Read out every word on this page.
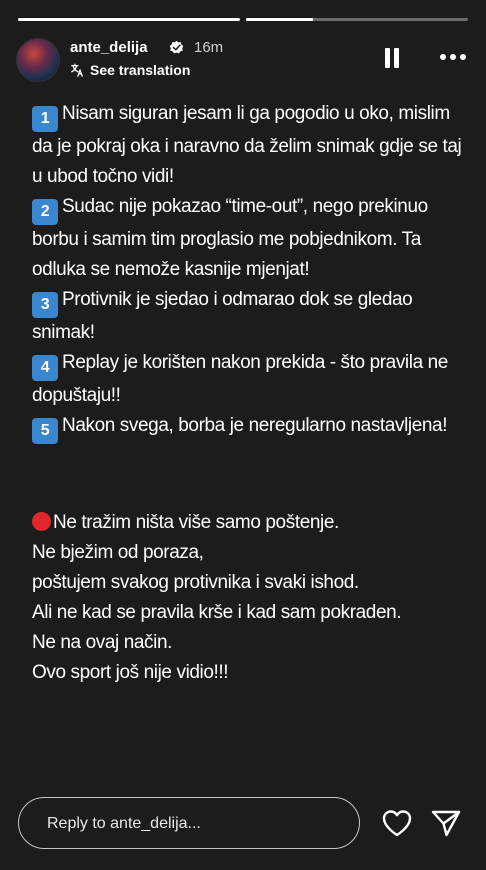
ante_delija	16m
See translation

1 Nisam siguran jesam li ga pogodio u oko, mislim da je pokraj oka i naravno da želim snimak gdje se taj u ubod točno vidi!

2 Sudac nije pokazao “time-out”, nego prekinuo borbu i samim tim proglasio me pobjednikom. Ta odluka se nemože kasnije mjenjat!

3 Protivnik je sjedao i odmarao dok se gledao snimak!

4 Replay je korišten nakon prekida - što pravila ne dopuštaju!!

5 Nakon svega, borba je neregularno nastavljena!

Ne tražim ništa više samo poštenje.

Ne bježim od poraza,

poštujem svakog protivnika i svaki ishod.

Ali ne kad se pravila krše i kad sam pokraden.

Ne na ovaj način.

Ovo sport još nije vidio!!!

Reply to ante_delija...
